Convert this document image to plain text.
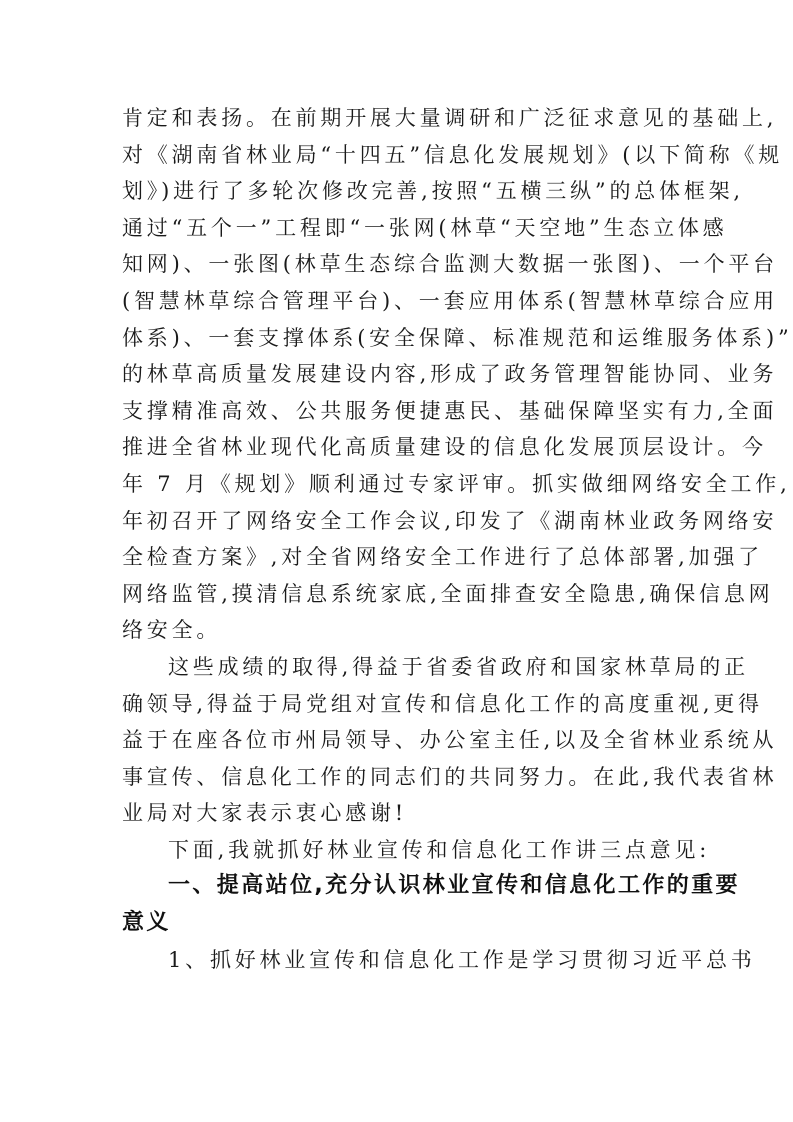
肯定和表扬。在前期开展大量调研和广泛征求意见的基础上,
对《湖南省林业局“十四五”信息化发展规划》(以下简称《规
划》)进行了多轮次修改完善,按照“五横三纵”的总体框架,
通过“五个一”工程即“一张网(林草“天空地”生态立体感
知网)、一张图(林草生态综合监测大数据一张图)、一个平台
(智慧林草综合管理平台)、一套应用体系(智慧林草综合应用
体系)、一套支撑体系(安全保障、标准规范和运维服务体系)”
的林草高质量发展建设内容,形成了政务管理智能协同、业务
支撑精准高效、公共服务便捷惠民、基础保障坚实有力,全面
推进全省林业现代化高质量建设的信息化发展顶层设计。今
年 7 月《规划》顺利通过专家评审。抓实做细网络安全工作,
年初召开了网络安全工作会议,印发了《湖南林业政务网络安
全检查方案》,对全省网络安全工作进行了总体部署,加强了
网络监管,摸清信息系统家底,全面排查安全隐患,确保信息网
络安全。
这些成绩的取得,得益于省委省政府和国家林草局的正
确领导,得益于局党组对宣传和信息化工作的高度重视,更得
益于在座各位市州局领导、办公室主任,以及全省林业系统从
事宣传、信息化工作的同志们的共同努力。在此,我代表省林
业局对大家表示衷心感谢!
下面,我就抓好林业宣传和信息化工作讲三点意见:
一、提高站位,充分认识林业宣传和信息化工作的重要
意义
1、抓好林业宣传和信息化工作是学习贯彻习近平总书
